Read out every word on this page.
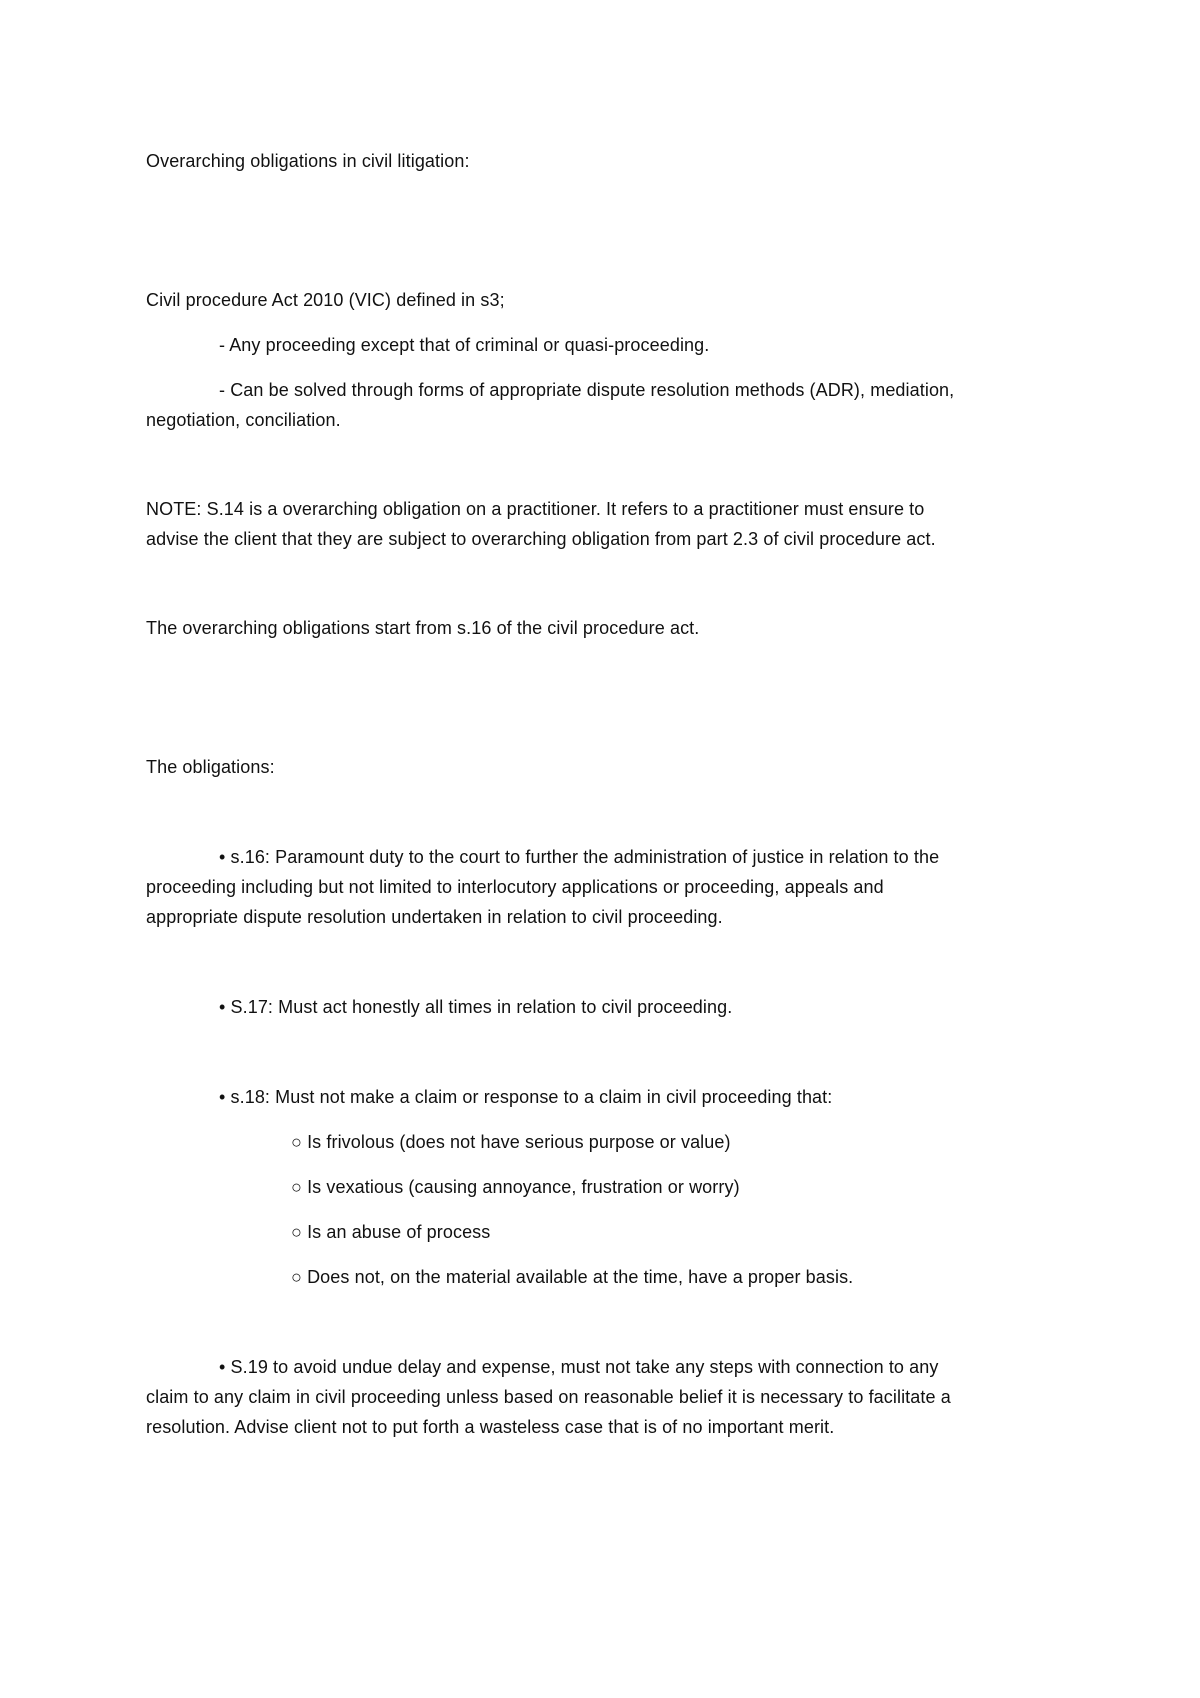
Overarching obligations in civil litigation:
Civil procedure Act 2010 (VIC) defined in s3;
- Any proceeding except that of criminal or quasi-proceeding.
- Can be solved through forms of appropriate dispute resolution methods (ADR), mediation,
negotiation, conciliation.
NOTE: S.14 is a overarching obligation on a practitioner. It refers to a practitioner must ensure to
advise the client that they are subject to overarching obligation from part 2.3 of civil procedure act.
The overarching obligations start from s.16 of the civil procedure act.
The obligations:
• s.16: Paramount duty to the court to further the administration of justice in relation to the
proceeding including but not limited to interlocutory applications or proceeding, appeals and
appropriate dispute resolution undertaken in relation to civil proceeding.
• S.17: Must act honestly all times in relation to civil proceeding.
• s.18: Must not make a claim or response to a claim in civil proceeding that:
○ Is frivolous (does not have serious purpose or value)
○ Is vexatious (causing annoyance, frustration or worry)
○ Is an abuse of process
○ Does not, on the material available at the time, have a proper basis.
• S.19 to avoid undue delay and expense, must not take any steps with connection to any
claim to any claim in civil proceeding unless based on reasonable belief it is necessary to facilitate a
resolution. Advise client not to put forth a wasteless case that is of no important merit.
